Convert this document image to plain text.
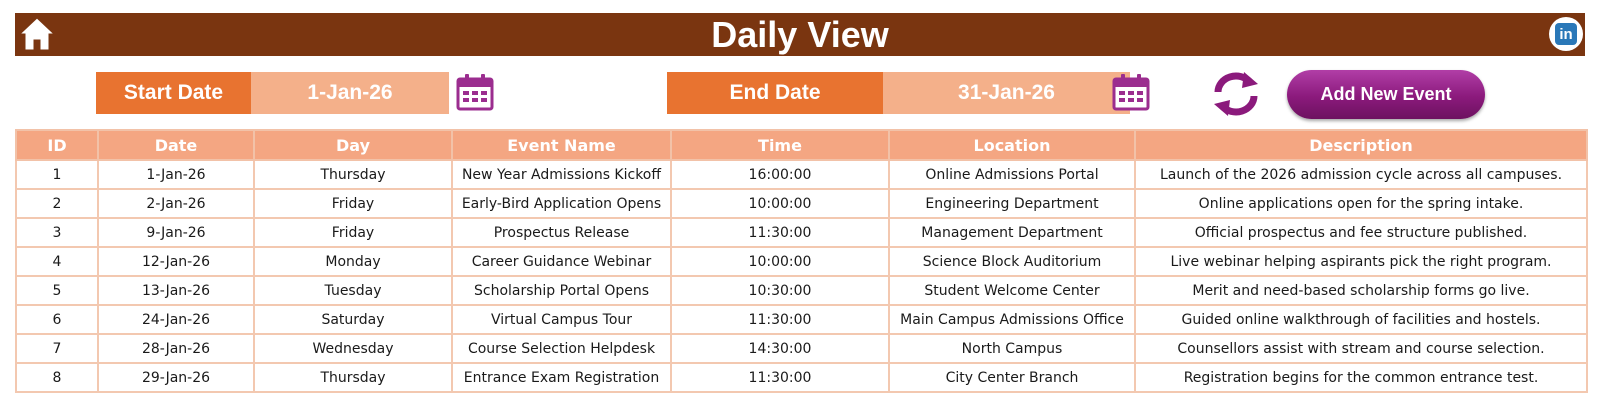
Daily View	in
Start Date	1-Jan-26	End Date	31-Jan-26	Add New Event
ID	Date	Day	Event Name	Time	Location	Description
1	1-Jan-26	Thursday	New Year Admissions Kickoff	16:00:00	Online Admissions Portal	Launch of the 2026 admission cycle across all campuses.
2	2-Jan-26	Friday	Early-Bird Application Opens	10:00:00	Engineering Department	Online applications open for the spring intake.
3	9-Jan-26	Friday	Prospectus Release	11:30:00	Management Department	Official prospectus and fee structure published.
4	12-Jan-26	Monday	Career Guidance Webinar	10:00:00	Science Block Auditorium	Live webinar helping aspirants pick the right program.
5	13-Jan-26	Tuesday	Scholarship Portal Opens	10:30:00	Student Welcome Center	Merit and need-based scholarship forms go live.
6	24-Jan-26	Saturday	Virtual Campus Tour	11:30:00	Main Campus Admissions Office	Guided online walkthrough of facilities and hostels.
7	28-Jan-26	Wednesday	Course Selection Helpdesk	14:30:00	North Campus	Counsellors assist with stream and course selection.
8	29-Jan-26	Thursday	Entrance Exam Registration	11:30:00	City Center Branch	Registration begins for the common entrance test.
